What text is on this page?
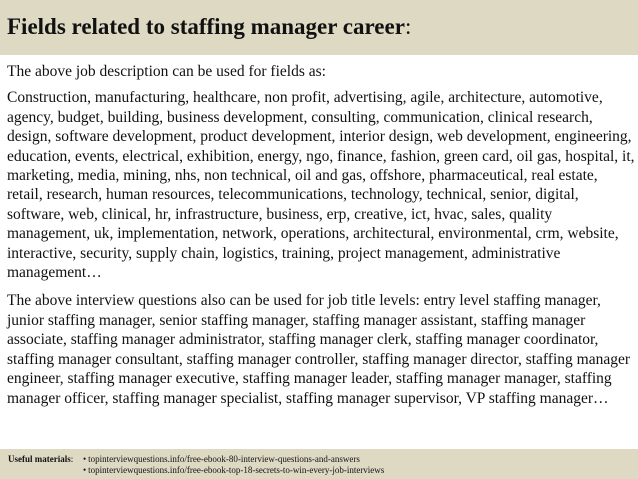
Fields related to staffing manager career:

The above job description can be used for fields as:

Construction, manufacturing, healthcare, non profit, advertising, agile, architecture, automotive, agency, budget, building, business development, consulting, communication, clinical research, design, software development, product development, interior design, web development, engineering, education, events, electrical, exhibition, energy, ngo, finance, fashion, green card, oil gas, hospital, it, marketing, media, mining, nhs, non technical, oil and gas, offshore, pharmaceutical, real estate, retail, research, human resources, telecommunications, technology, technical, senior, digital, software, web, clinical, hr, infrastructure, business, erp, creative, ict, hvac, sales, quality management, uk, implementation, network, operations, architectural, environmental, crm, website, interactive, security, supply chain, logistics, training, project management, administrative management…

The above interview questions also can be used for job title levels: entry level staffing manager, junior staffing manager, senior staffing manager, staffing manager assistant, staffing manager associate, staffing manager administrator, staffing manager clerk, staffing manager coordinator, staffing manager consultant, staffing manager controller, staffing manager director, staffing manager engineer, staffing manager executive, staffing manager leader, staffing manager manager, staffing manager officer, staffing manager specialist, staffing manager supervisor, VP staffing manager…

Useful materials:	• topinterviewquestions.info/free-ebook-80-interview-questions-and-answers
• topinterviewquestions.info/free-ebook-top-18-secrets-to-win-every-job-interviews
